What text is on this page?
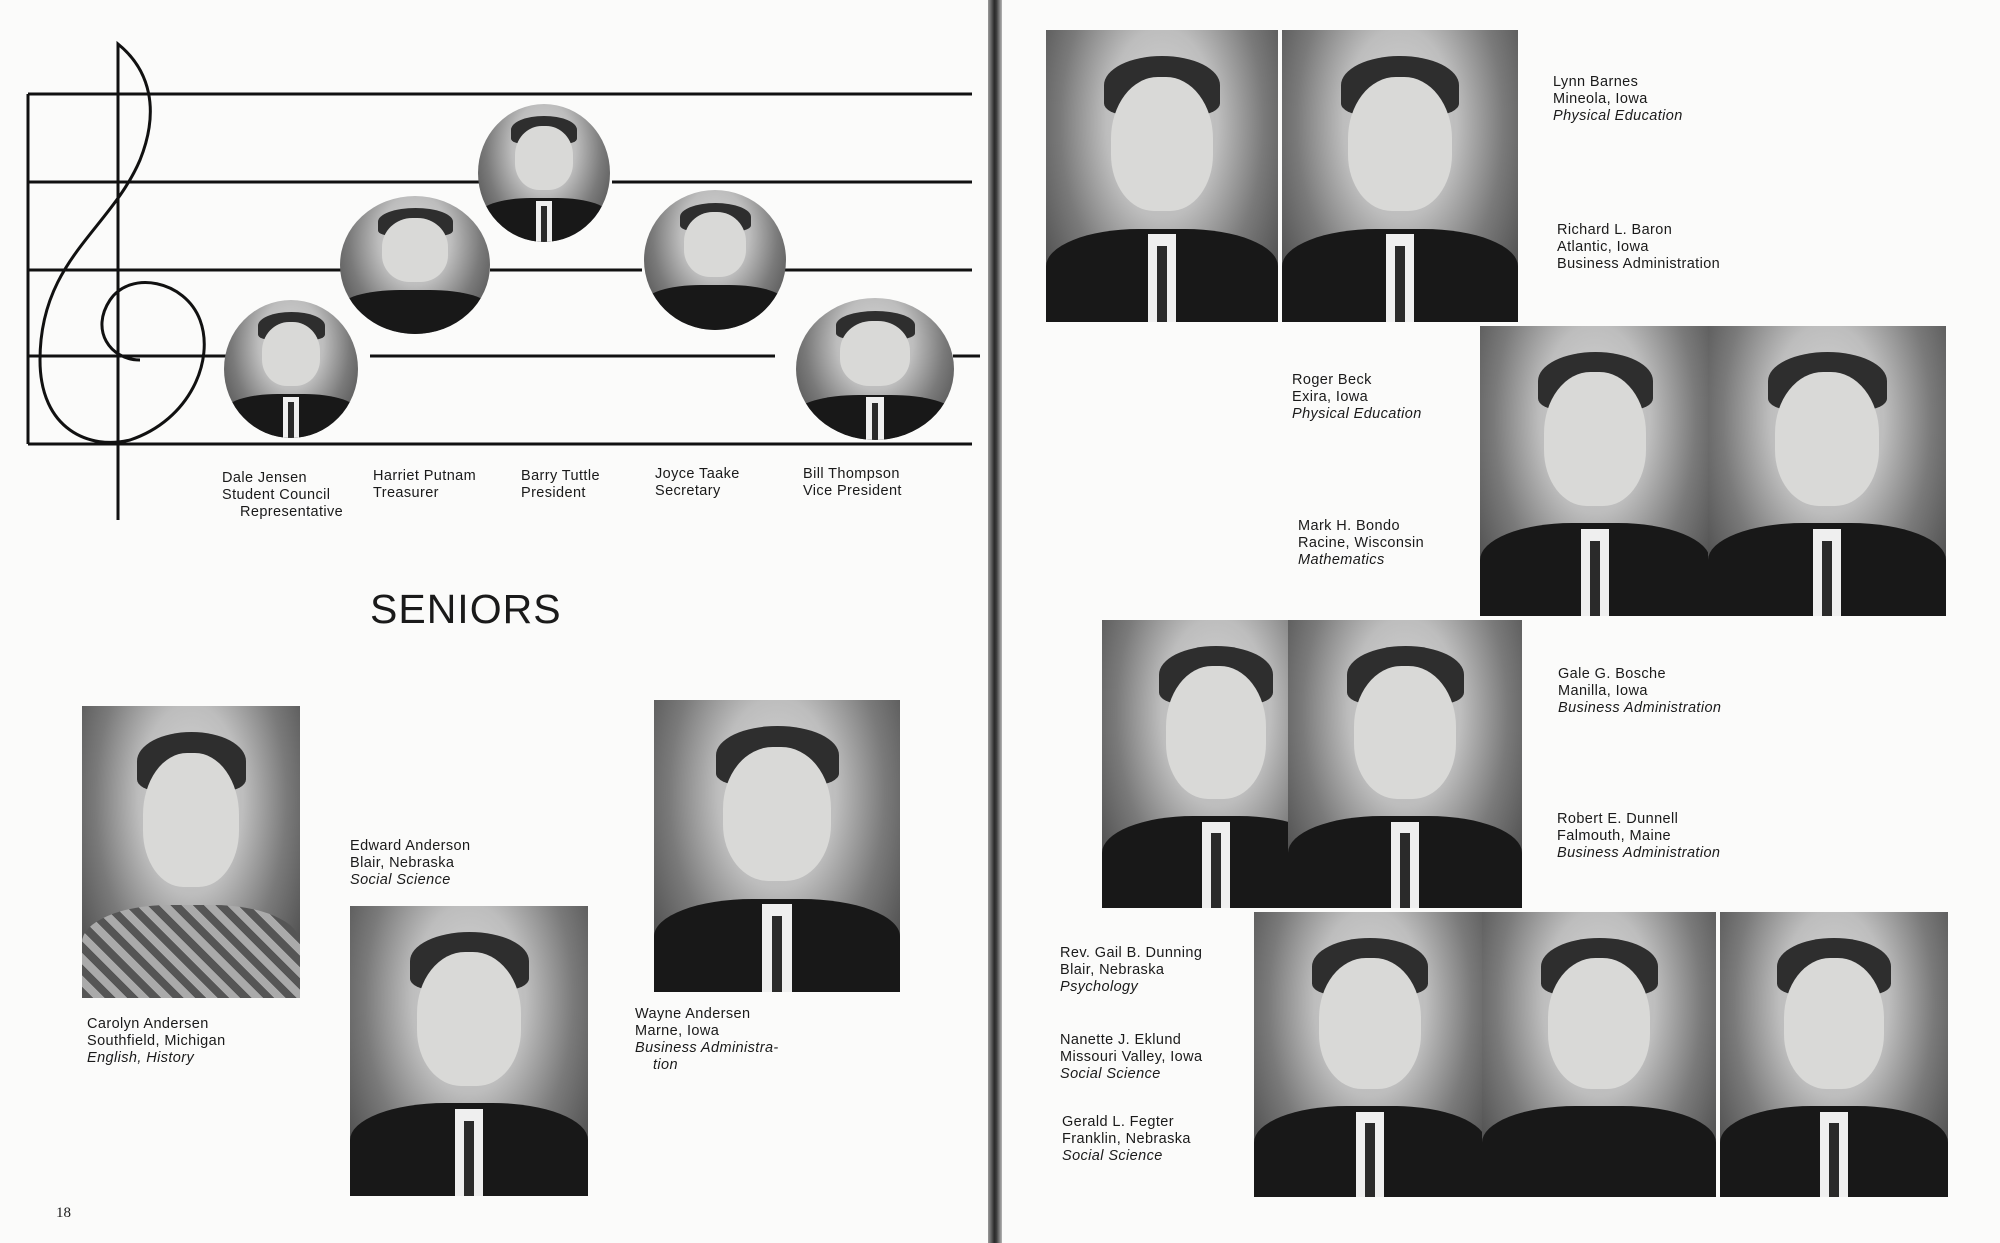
Dale Jensen
Student Council
Representative
Harriet Putnam
Treasurer
Barry Tuttle
President
Joyce Taake
Secretary
Bill Thompson
Vice President
SENIORS
Carolyn Andersen
Southfield, Michigan
English, History
Edward Anderson
Blair, Nebraska
Social Science
Wayne Andersen
Marne, Iowa
Business Administra-
tion
18
Lynn Barnes
Mineola, Iowa
Physical Education
Richard L. Baron
Atlantic, Iowa
Business Administration
Roger Beck
Exira, Iowa
Physical Education
Mark H. Bondo
Racine, Wisconsin
Mathematics
Gale G. Bosche
Manilla, Iowa
Business Administration
Robert E. Dunnell
Falmouth, Maine
Business Administration
Rev. Gail B. Dunning
Blair, Nebraska
Psychology
Nanette J. Eklund
Missouri Valley, Iowa
Social Science
Gerald L. Fegter
Franklin, Nebraska
Social Science
